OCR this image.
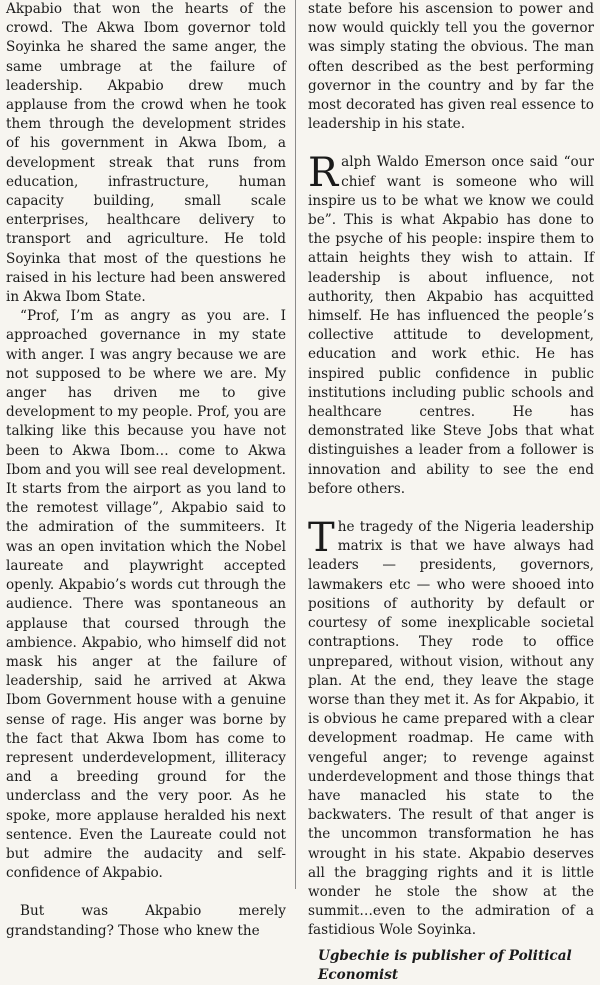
Akpabio that won the hearts of the crowd. The Akwa Ibom governor told Soyinka he shared the same anger, the same umbrage at the failure of leadership. Akpabio drew much applause from the crowd when he took them through the development strides of his government in Akwa Ibom, a development streak that runs from education, infrastructure, human capacity building, small scale enterprises, healthcare delivery to transport and agriculture. He told Soyinka that most of the questions he raised in his lecture had been answered in Akwa Ibom State.

“Prof, I’m as angry as you are. I approached governance in my state with anger. I was angry because we are not supposed to be where we are. My anger has driven me to give development to my people. Prof, you are talking like this because you have not been to Akwa Ibom… come to Akwa Ibom and you will see real development. It starts from the airport as you land to the remotest village”, Akpabio said to the admiration of the summiteers. It was an open invitation which the Nobel laureate and playwright accepted openly. Akpabio’s words cut through the audience. There was spontaneous an applause that coursed through the ambience. Akpabio, who himself did not mask his anger at the failure of leadership, said he arrived at Akwa Ibom Government house with a genuine sense of rage. His anger was borne by the fact that Akwa Ibom has come to represent underdevelopment, illiteracy and a breeding ground for the underclass and the very poor. As he spoke, more applause heralded his next sentence. Even the Laureate could not but admire the audacity and self-confidence of Akpabio.

But was Akpabio merely grandstanding? Those who knew the

state before his ascension to power and now would quickly tell you the governor was simply stating the obvious. The man often described as the best performing governor in the country and by far the most decorated has given real essence to leadership in his state.

Ralph Waldo Emerson once said “our chief want is someone who will inspire us to be what we know we could be”. This is what Akpabio has done to the psyche of his people: inspire them to attain heights they wish to attain. If leadership is about influence, not authority, then Akpabio has acquitted himself. He has influenced the people’s collective attitude to development, education and work ethic. He has inspired public confidence in public institutions including public schools and healthcare centres. He has demonstrated like Steve Jobs that what distinguishes a leader from a follower is innovation and ability to see the end before others.

The tragedy of the Nigeria leadership matrix is that we have always had leaders — presidents, governors, lawmakers etc — who were shooed into positions of authority by default or courtesy of some inexplicable societal contraptions. They rode to office unprepared, without vision, without any plan. At the end, they leave the stage worse than they met it. As for Akpabio, it is obvious he came prepared with a clear development roadmap. He came with vengeful anger; to revenge against underdevelopment and those things that have manacled his state to the backwaters. The result of that anger is the uncommon transformation he has wrought in his state. Akpabio deserves all the bragging rights and it is little wonder he stole the show at the summit…even to the admiration of a fastidious Wole Soyinka.

Ugbechie is publisher of Political Economist
